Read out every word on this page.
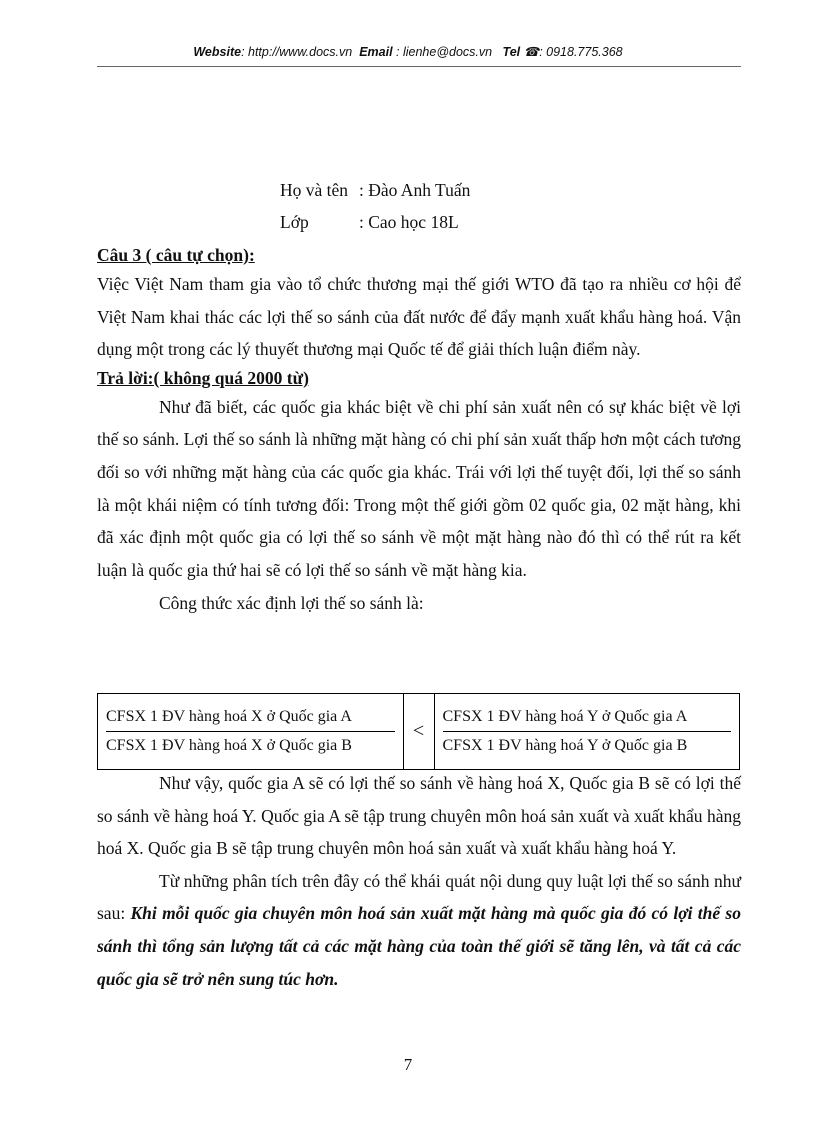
Website: http://www.docs.vn Email : lienhe@docs.vn Tel ☎: 0918.775.368
Họ và tên : Đào Anh Tuấn
Lớp	: Cao học 18L
Câu 3 ( câu tự chọn):

Việc Việt Nam tham gia vào tổ chức thương mại thế giới WTO đã tạo ra nhiều cơ hội để Việt Nam khai thác các lợi thế so sánh của đất nước để đẩy mạnh xuất khẩu hàng hoá. Vận dụng một trong các lý thuyết thương mại Quốc tế để giải thích luận điểm này.

Trả lời:( không quá 2000 từ)

Như đã biết, các quốc gia khác biệt về chi phí sản xuất nên có sự khác biệt về lợi thế so sánh. Lợi thế so sánh là những mặt hàng có chi phí sản xuất thấp hơn một cách tương đối so với những mặt hàng của các quốc gia khác. Trái với lợi thế tuyệt đối, lợi thế so sánh là một khái niệm có tính tương đối: Trong một thế giới gồm 02 quốc gia, 02 mặt hàng, khi đã xác định một quốc gia có lợi thế so sánh về một mặt hàng nào đó thì có thể rút ra kết luận là quốc gia thứ hai sẽ có lợi thế so sánh về mặt hàng kia.

Công thức xác định lợi thế so sánh là:
$\frac{\text{CFSX 1 ĐV hàng hoá X ở Quốc gia A}}{\text{CFSX 1 ĐV hàng hoá X ở Quốc gia B}} < \frac{\text{CFSX 1 ĐV hàng hoá Y ở Quốc gia A}}{\text{CFSX 1 ĐV hàng hoá Y ở Quốc gia B}}$

Như vậy, quốc gia A sẽ có lợi thế so sánh về hàng hoá X, Quốc gia B sẽ có lợi thế so sánh về hàng hoá Y. Quốc gia A sẽ tập trung chuyên môn hoá sản xuất và xuất khẩu hàng hoá X. Quốc gia B sẽ tập trung chuyên môn hoá sản xuất và xuất khẩu hàng hoá Y.

Từ những phân tích trên đây có thể khái quát nội dung quy luật lợi thế so sánh như sau: Khi mỗi quốc gia chuyên môn hoá sản xuất mặt hàng mà quốc gia đó có lợi thế so sánh thì tổng sản lượng tất cả các mặt hàng của toàn thế giới sẽ tăng lên, và tất cả các quốc gia sẽ trở nên sung túc hơn.

7
